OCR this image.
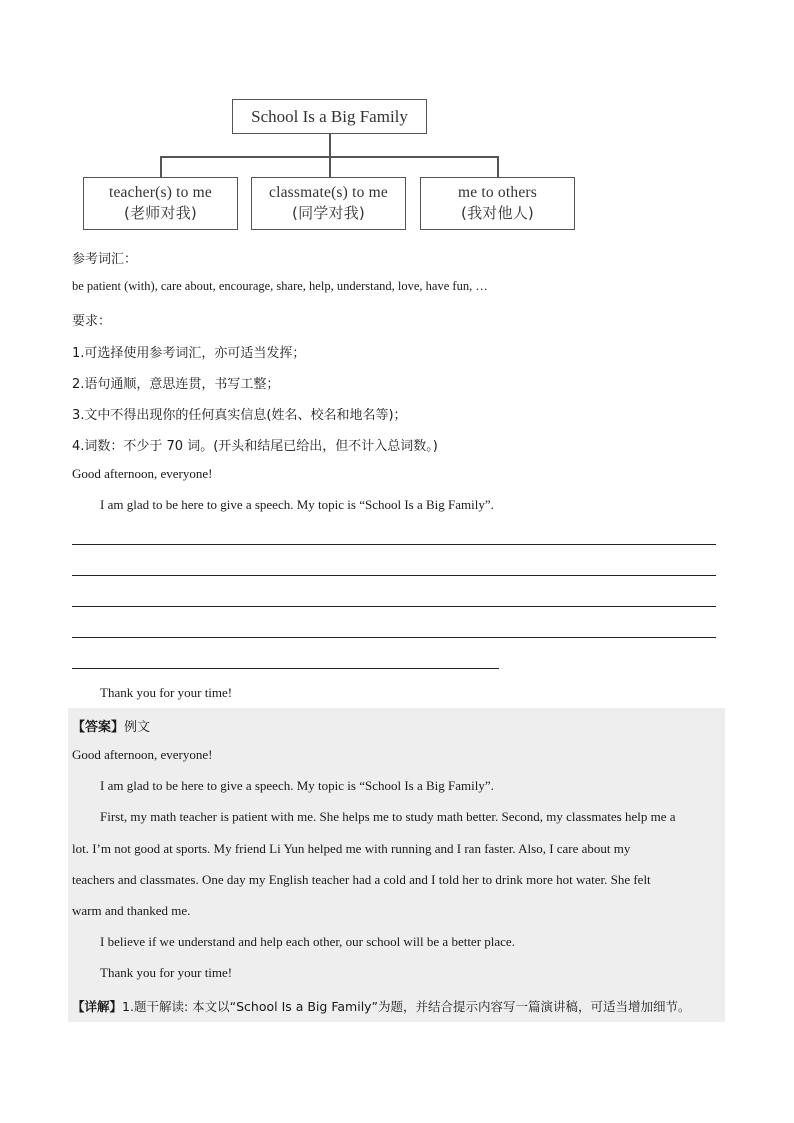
School Is a Big Family
teacher(s) to me
(老师对我)
classmate(s) to me
(同学对我)
me to others
(我对他人)
参考词汇：
be patient (with), care about, encourage, share, help, understand, love, have fun, …
要求：
1.可选择使用参考词汇，亦可适当发挥；
2.语句通顺，意思连贯，书写工整；
3.文中不得出现你的任何真实信息(姓名、校名和地名等)；
4.词数：不少于 70 词。(开头和结尾已给出，但不计入总词数。)
Good afternoon, everyone!
I am glad to be here to give a speech. My topic is “School Is a Big Family”.
Thank you for your time!
【答案】例文
Good afternoon, everyone!
I am glad to be here to give a speech. My topic is “School Is a Big Family”.
First, my math teacher is patient with me. She helps me to study math better. Second, my classmates help me a
lot. I’m not good at sports. My friend Li Yun helped me with running and I ran faster. Also, I care about my
teachers and classmates. One day my English teacher had a cold and I told her to drink more hot water. She felt
warm and thanked me.
I believe if we understand and help each other, our school will be a better place.
Thank you for your time!
【详解】1.题干解读: 本文以“School Is a Big Family”为题，并结合提示内容写一篇演讲稿，可适当增加细节。
